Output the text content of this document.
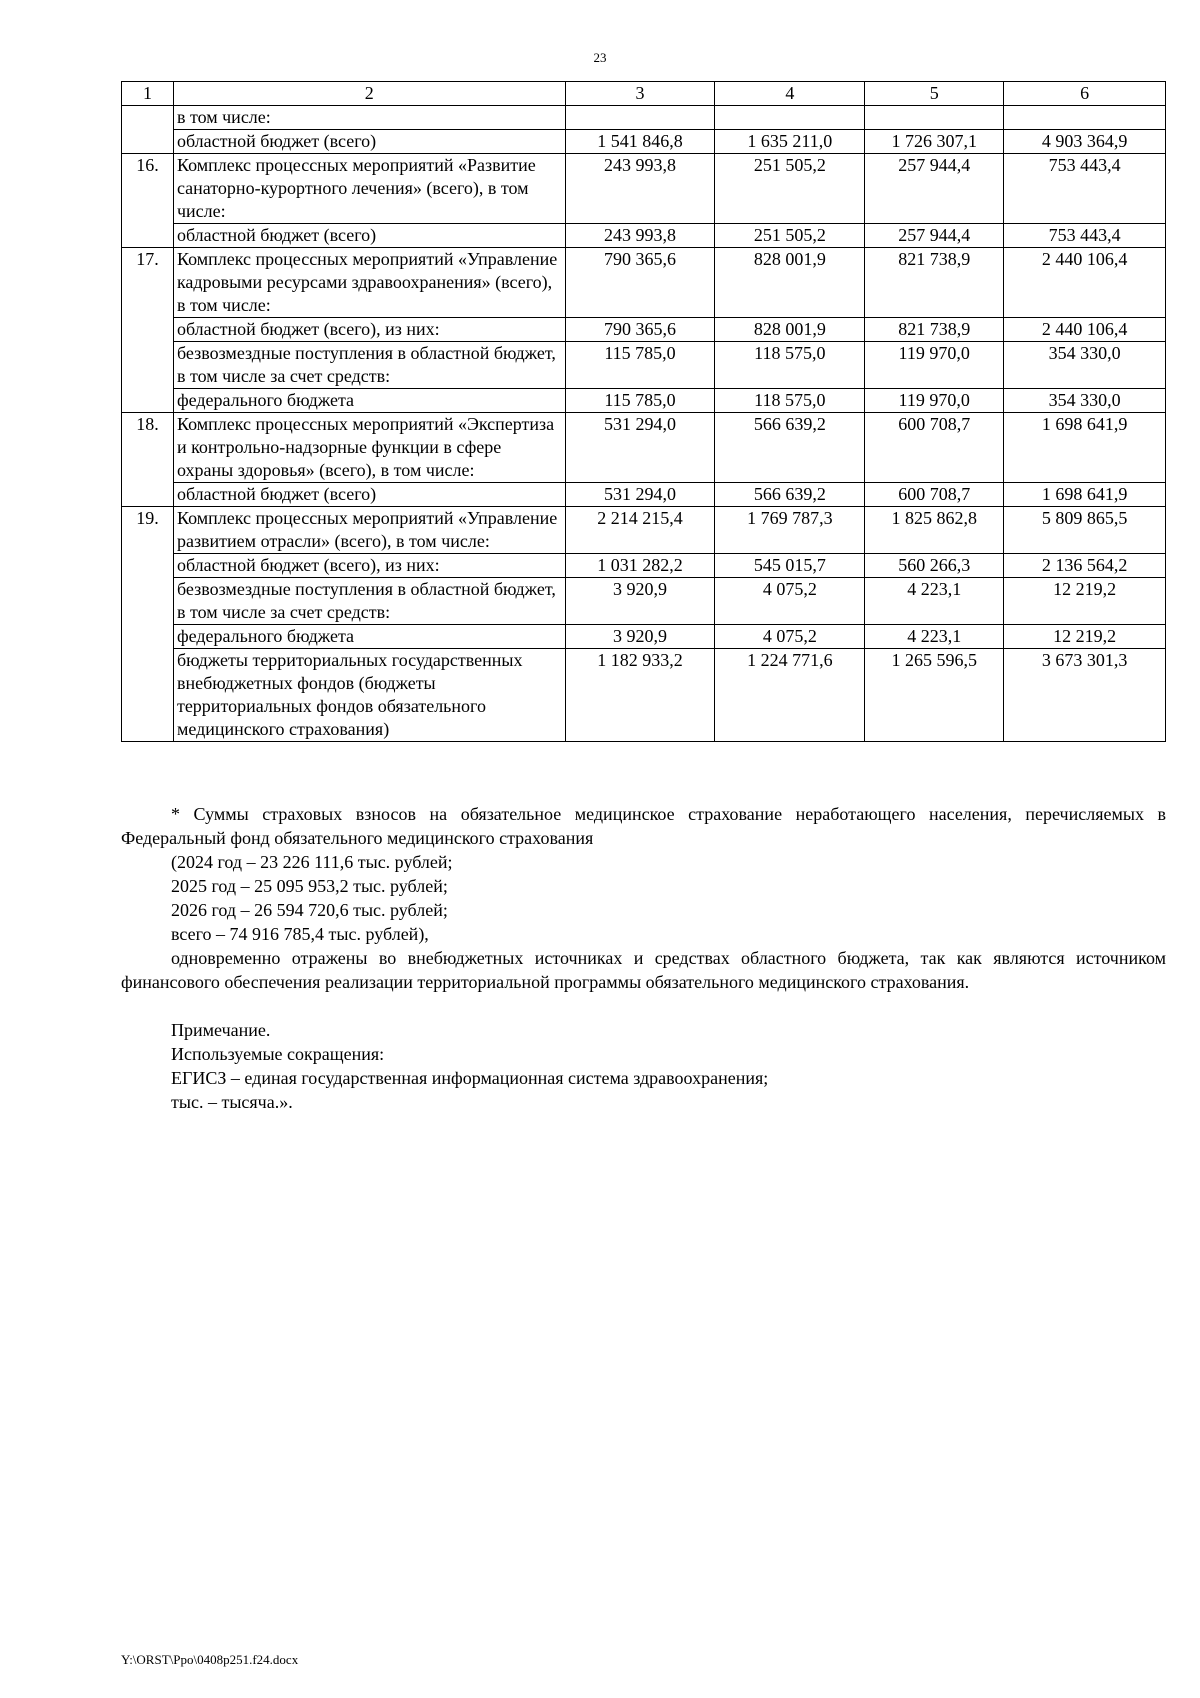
23
1	2	3	4	5	6
	в том числе:				
	областной бюджет (всего)	1 541 846,8	1 635 211,0	1 726 307,1	4 903 364,9
16.	Комплекс процессных мероприятий «Развитие санаторно-курортного лечения» (всего), в том числе:	243 993,8	251 505,2	257 944,4	753 443,4
	областной бюджет (всего)	243 993,8	251 505,2	257 944,4	753 443,4
17.	Комплекс процессных мероприятий «Управление кадровыми ресурсами здравоохранения» (всего), в том числе:	790 365,6	828 001,9	821 738,9	2 440 106,4
	областной бюджет (всего), из них:	790 365,6	828 001,9	821 738,9	2 440 106,4
	безвозмездные поступления в областной бюджет, в том числе за счет средств:	115 785,0	118 575,0	119 970,0	354 330,0
	федерального бюджета	115 785,0	118 575,0	119 970,0	354 330,0
18.	Комплекс процессных мероприятий «Экспертиза и контрольно-надзорные функции в сфере охраны здоровья» (всего), в том числе:	531 294,0	566 639,2	600 708,7	1 698 641,9
	областной бюджет (всего)	531 294,0	566 639,2	600 708,7	1 698 641,9
19.	Комплекс процессных мероприятий «Управление развитием отрасли» (всего), в том числе:	2 214 215,4	1 769 787,3	1 825 862,8	5 809 865,5
	областной бюджет (всего), из них:	1 031 282,2	545 015,7	560 266,3	2 136 564,2
	безвозмездные поступления в областной бюджет, в том числе за счет средств:	3 920,9	4 075,2	4 223,1	12 219,2
	федерального бюджета	3 920,9	4 075,2	4 223,1	12 219,2
	бюджеты территориальных государственных внебюджетных фондов (бюджеты территориальных фондов обязательного медицинского страхования)	1 182 933,2	1 224 771,6	1 265 596,5	3 673 301,3

* Суммы страховых взносов на обязательное медицинское страхование неработающего населения, перечисляемых в Федеральный фонд обязательного медицинского страхования

(2024 год – 23 226 111,6 тыс. рублей;

2025 год – 25 095 953,2 тыс. рублей;

2026 год – 26 594 720,6 тыс. рублей;

всего – 74 916 785,4 тыс. рублей),

одновременно отражены во внебюджетных источниках и средствах областного бюджета, так как являются источником финансового обеспечения реализации территориальной программы обязательного медицинского страхования.

Примечание.

Используемые сокращения:

ЕГИСЗ – единая государственная информационная система здравоохранения;

тыс. – тысяча.».

Y:\ORST\Ppo\0408p251.f24.docx
